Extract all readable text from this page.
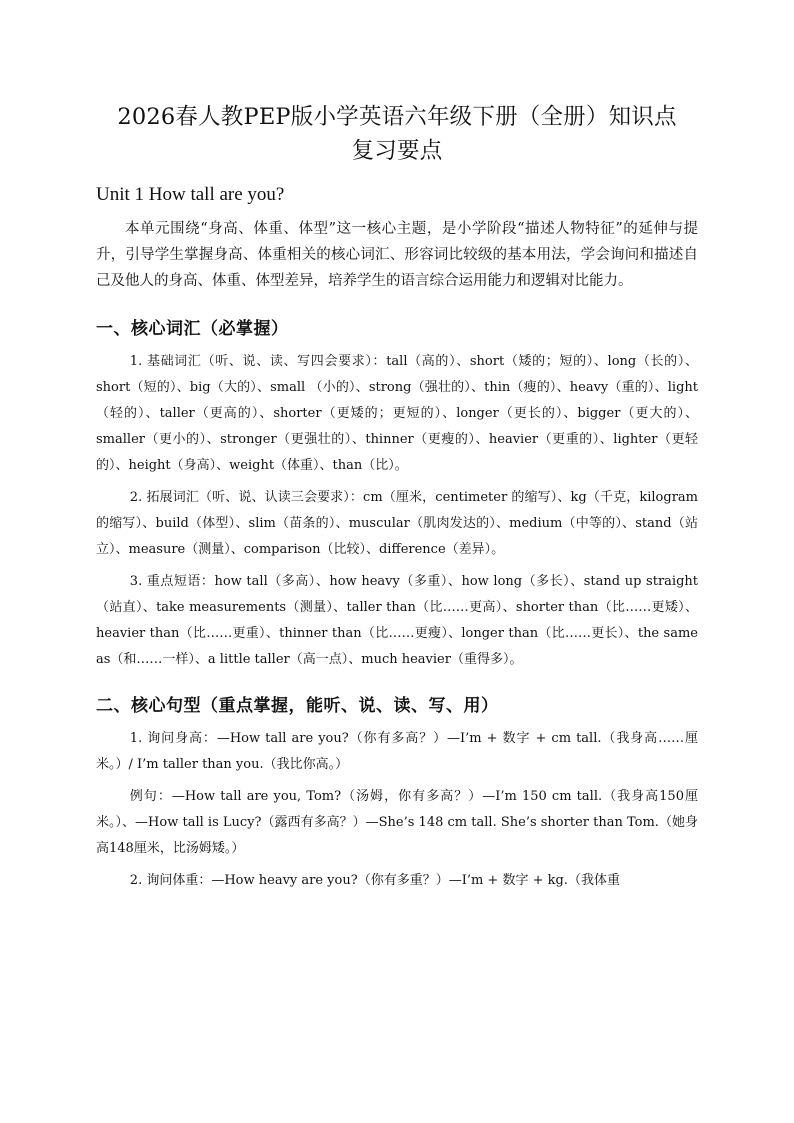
2026春人教PEP版小学英语六年级下册（全册）知识点
复习要点
Unit 1 How tall are you?

本单元围绕“身高、体重、体型”这一核心主题，是小学阶段“描述人物特征”的延伸与提升，引导学生掌握身高、体重相关的核心词汇、形容词比较级的基本用法，学会询问和描述自己及他人的身高、体重、体型差异，培养学生的语言综合运用能力和逻辑对比能力。

一、核心词汇（必掌握）

1. 基础词汇（听、说、读、写四会要求）：tall（高的）、short（矮的；短的）、long（长的）、short（短的）、big（大的）、small （小的）、strong（强壮的）、thin（瘦的）、heavy（重的）、light（轻的）、taller（更高的）、shorter（更矮的；更短的）、longer（更长的）、bigger（更大的）、smaller（更小的）、stronger（更强壮的）、thinner（更瘦的）、heavier（更重的）、lighter（更轻的）、height（身高）、weight（体重）、than（比）。

2. 拓展词汇（听、说、认读三会要求）：cm（厘米，centimeter 的缩写）、kg（千克，kilogram 的缩写）、build（体型）、slim（苗条的）、muscular（肌肉发达的）、medium（中等的）、stand（站立）、measure（测量）、comparison（比较）、difference（差异）。

3. 重点短语：how tall（多高）、how heavy（多重）、how long（多长）、stand up straight（站直）、take measurements（测量）、taller than（比……更高）、shorter than（比……更矮）、heavier than（比……更重）、thinner than（比……更瘦）、longer than（比……更长）、the same as（和……一样）、a little taller（高一点）、much heavier（重得多）。

二、核心句型（重点掌握，能听、说、读、写、用）

1. 询问身高：—How tall are you?（你有多高？）—I’m + 数字 + cm tall.（我身高……厘米。）/ I’m taller than you.（我比你高。）

例句：—How tall are you, Tom?（汤姆，你有多高？）—I’m 150 cm tall.（我身高150厘米。）、—How tall is Lucy?（露西有多高？）—She’s 148 cm tall. She’s shorter than Tom.（她身高148厘米，比汤姆矮。）

2. 询问体重：—How heavy are you?（你有多重？）—I’m + 数字 + kg.（我体重
